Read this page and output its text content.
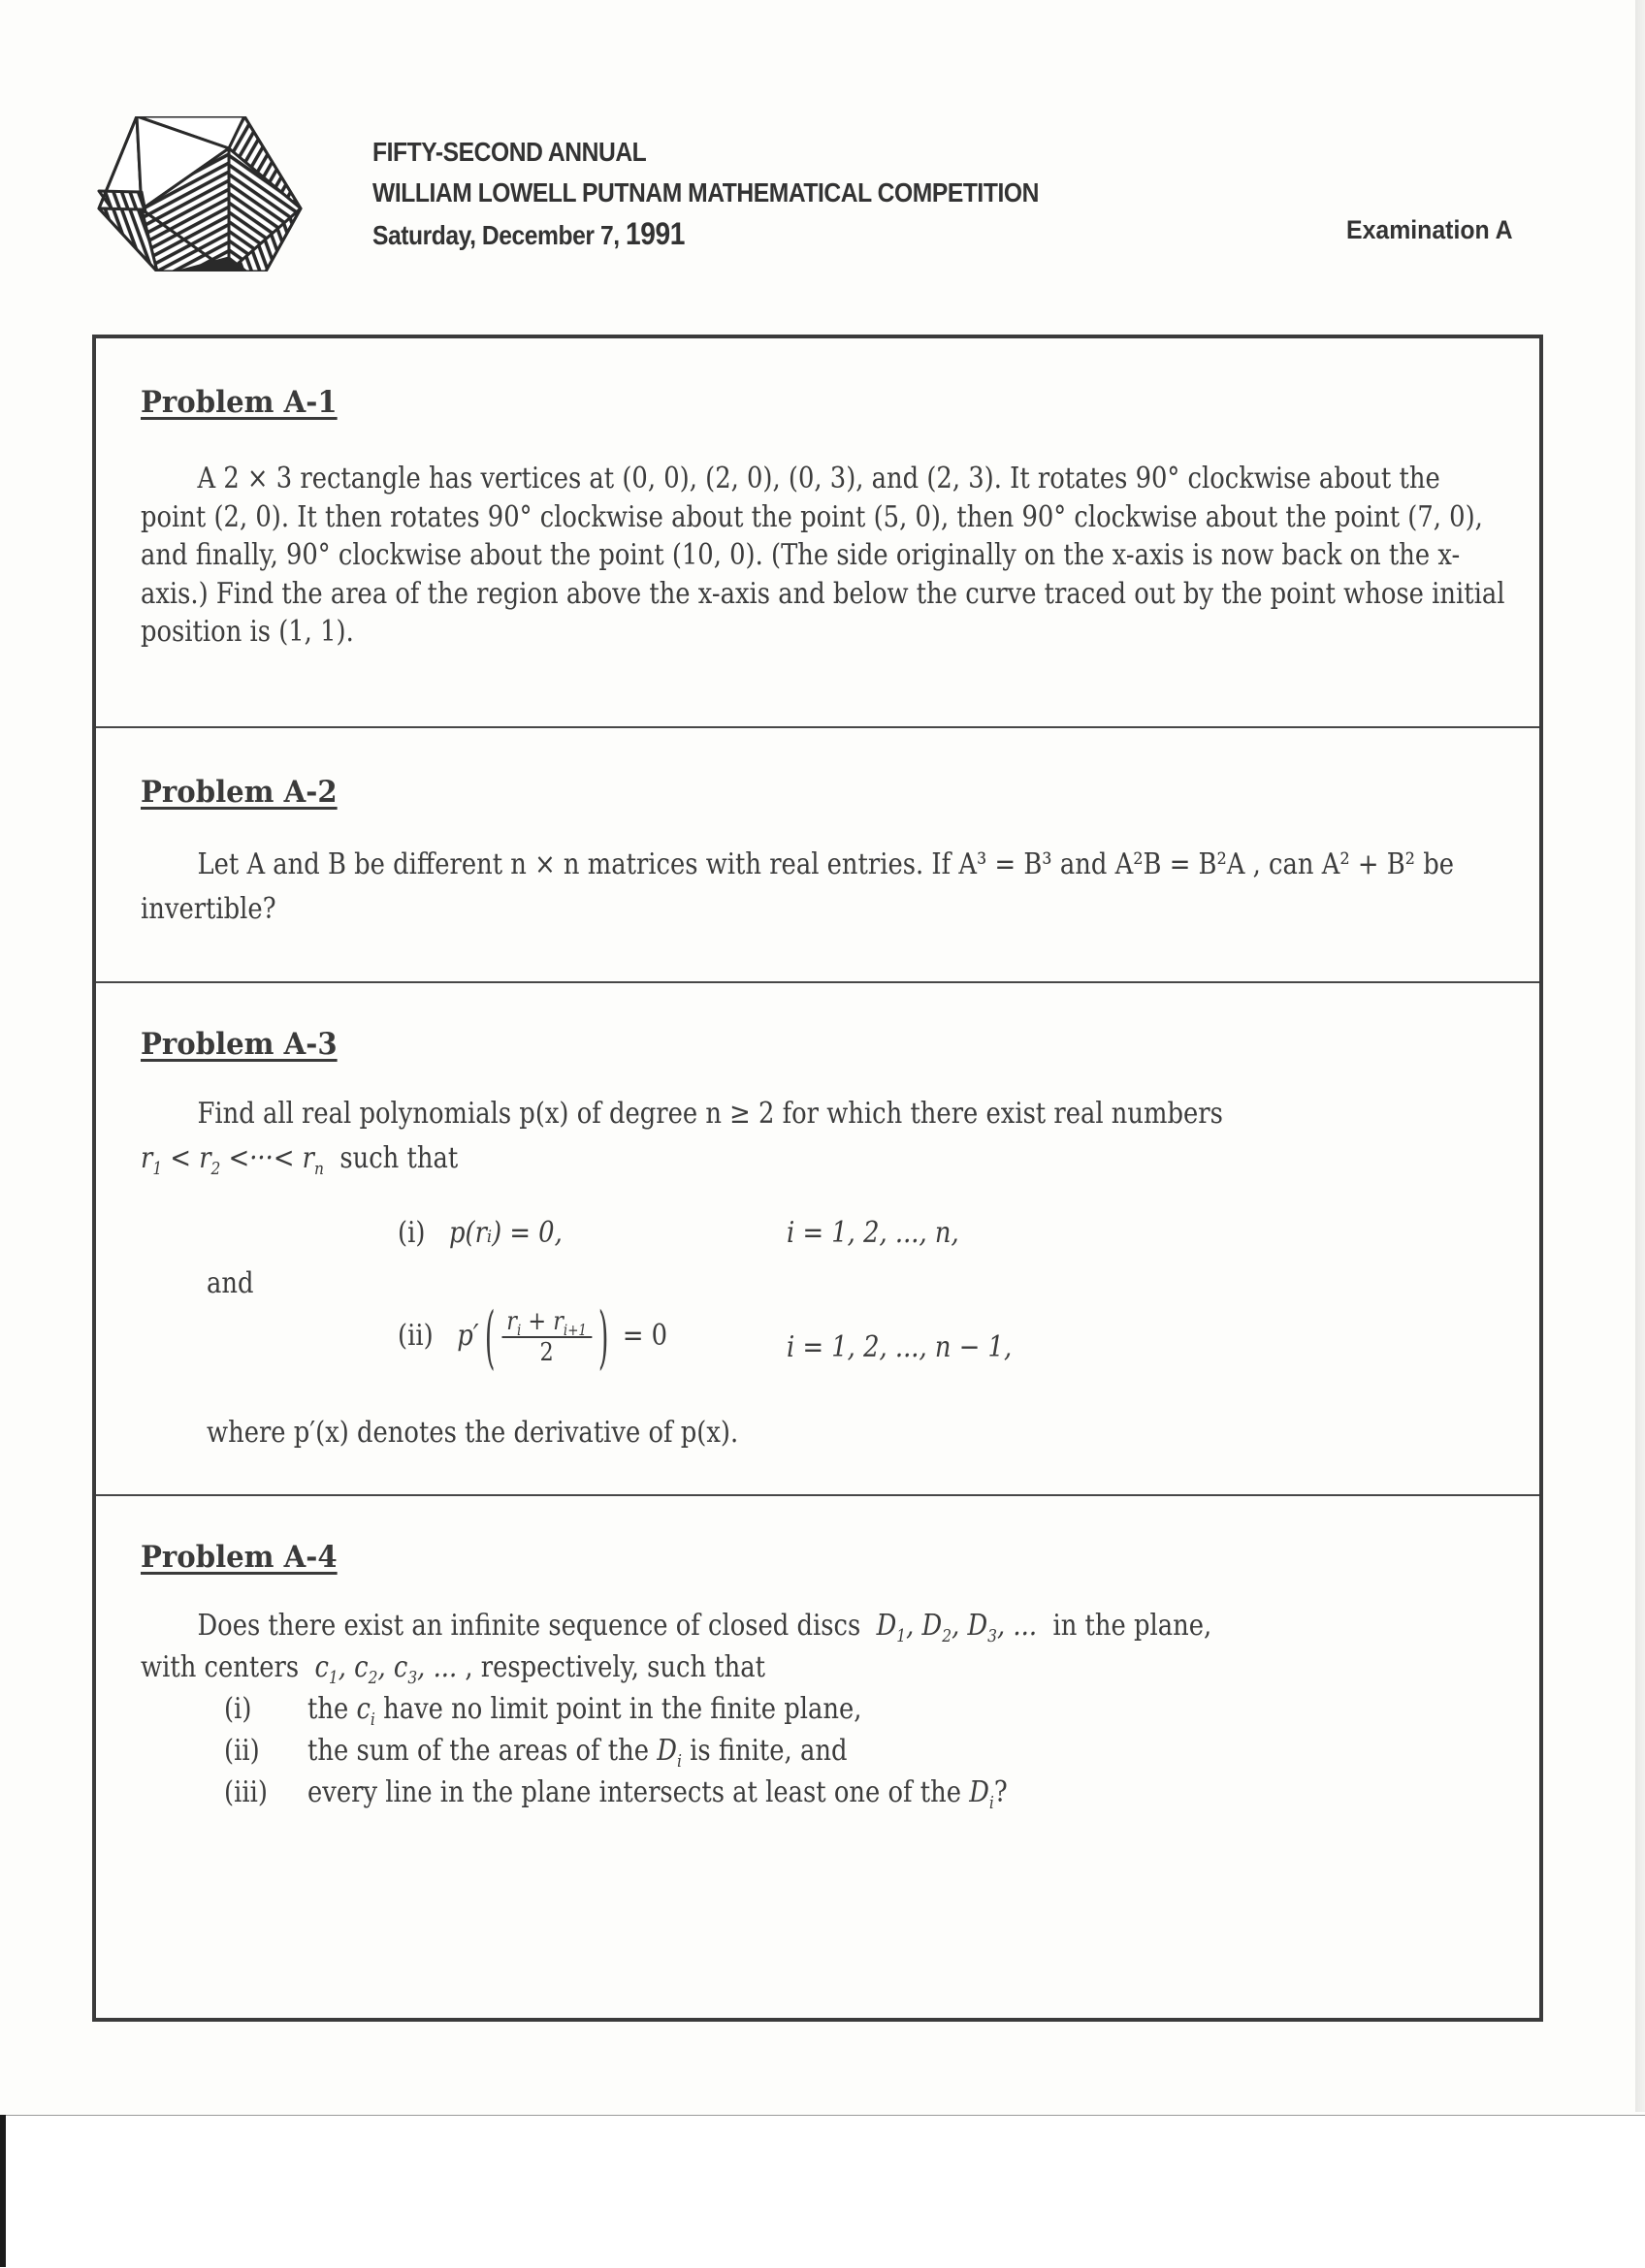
FIFTY-SECOND ANNUAL
WILLIAM LOWELL PUTNAM MATHEMATICAL COMPETITION
Saturday, December 7, 1991	Examination A
Problem A-1
A 2 × 3 rectangle has vertices at (0, 0), (2, 0), (0, 3), and (2, 3). It rotates 90° clockwise about the point (2, 0). It then rotates 90° clockwise about the point (5, 0), then 90° clockwise about the point (7, 0), and finally, 90° clockwise about the point (10, 0). (The side originally on the x-axis is now back on the x-axis.) Find the area of the region above the x-axis and below the curve traced out by the point whose initial position is (1, 1).
Problem A-2
Let A and B be different n × n matrices with real entries. If A³ = B³ and A²B = B²A , can A² + B² be invertible?
Problem A-3
Find all real polynomials p(x) of degree n ≥ 2 for which there exist real numbers
$r_1 < r_2$ <···< $r_n$ such that
(i) p(rᵢ) = 0,	i = 1, 2, ..., n,
and
(ii) $p'( \frac{r_i + r_{i+1}}{2}$ ) = 0	i = 1, 2, ..., n − 1,
where p′(x) denotes the derivative of p(x).
Problem A-4
Does there exist an infinite sequence of closed discs $D_1$, $D_2$, $D_3$, ... in the plane,
with centers $c_1$, $c_2$, $c_3$, ... , respectively, such that
(i)	the $c_i$ have no limit point in the finite plane,
(ii)	the sum of the areas of the $D_i$ is finite, and
(iii)	every line in the plane intersects at least one of the $D_i$?
